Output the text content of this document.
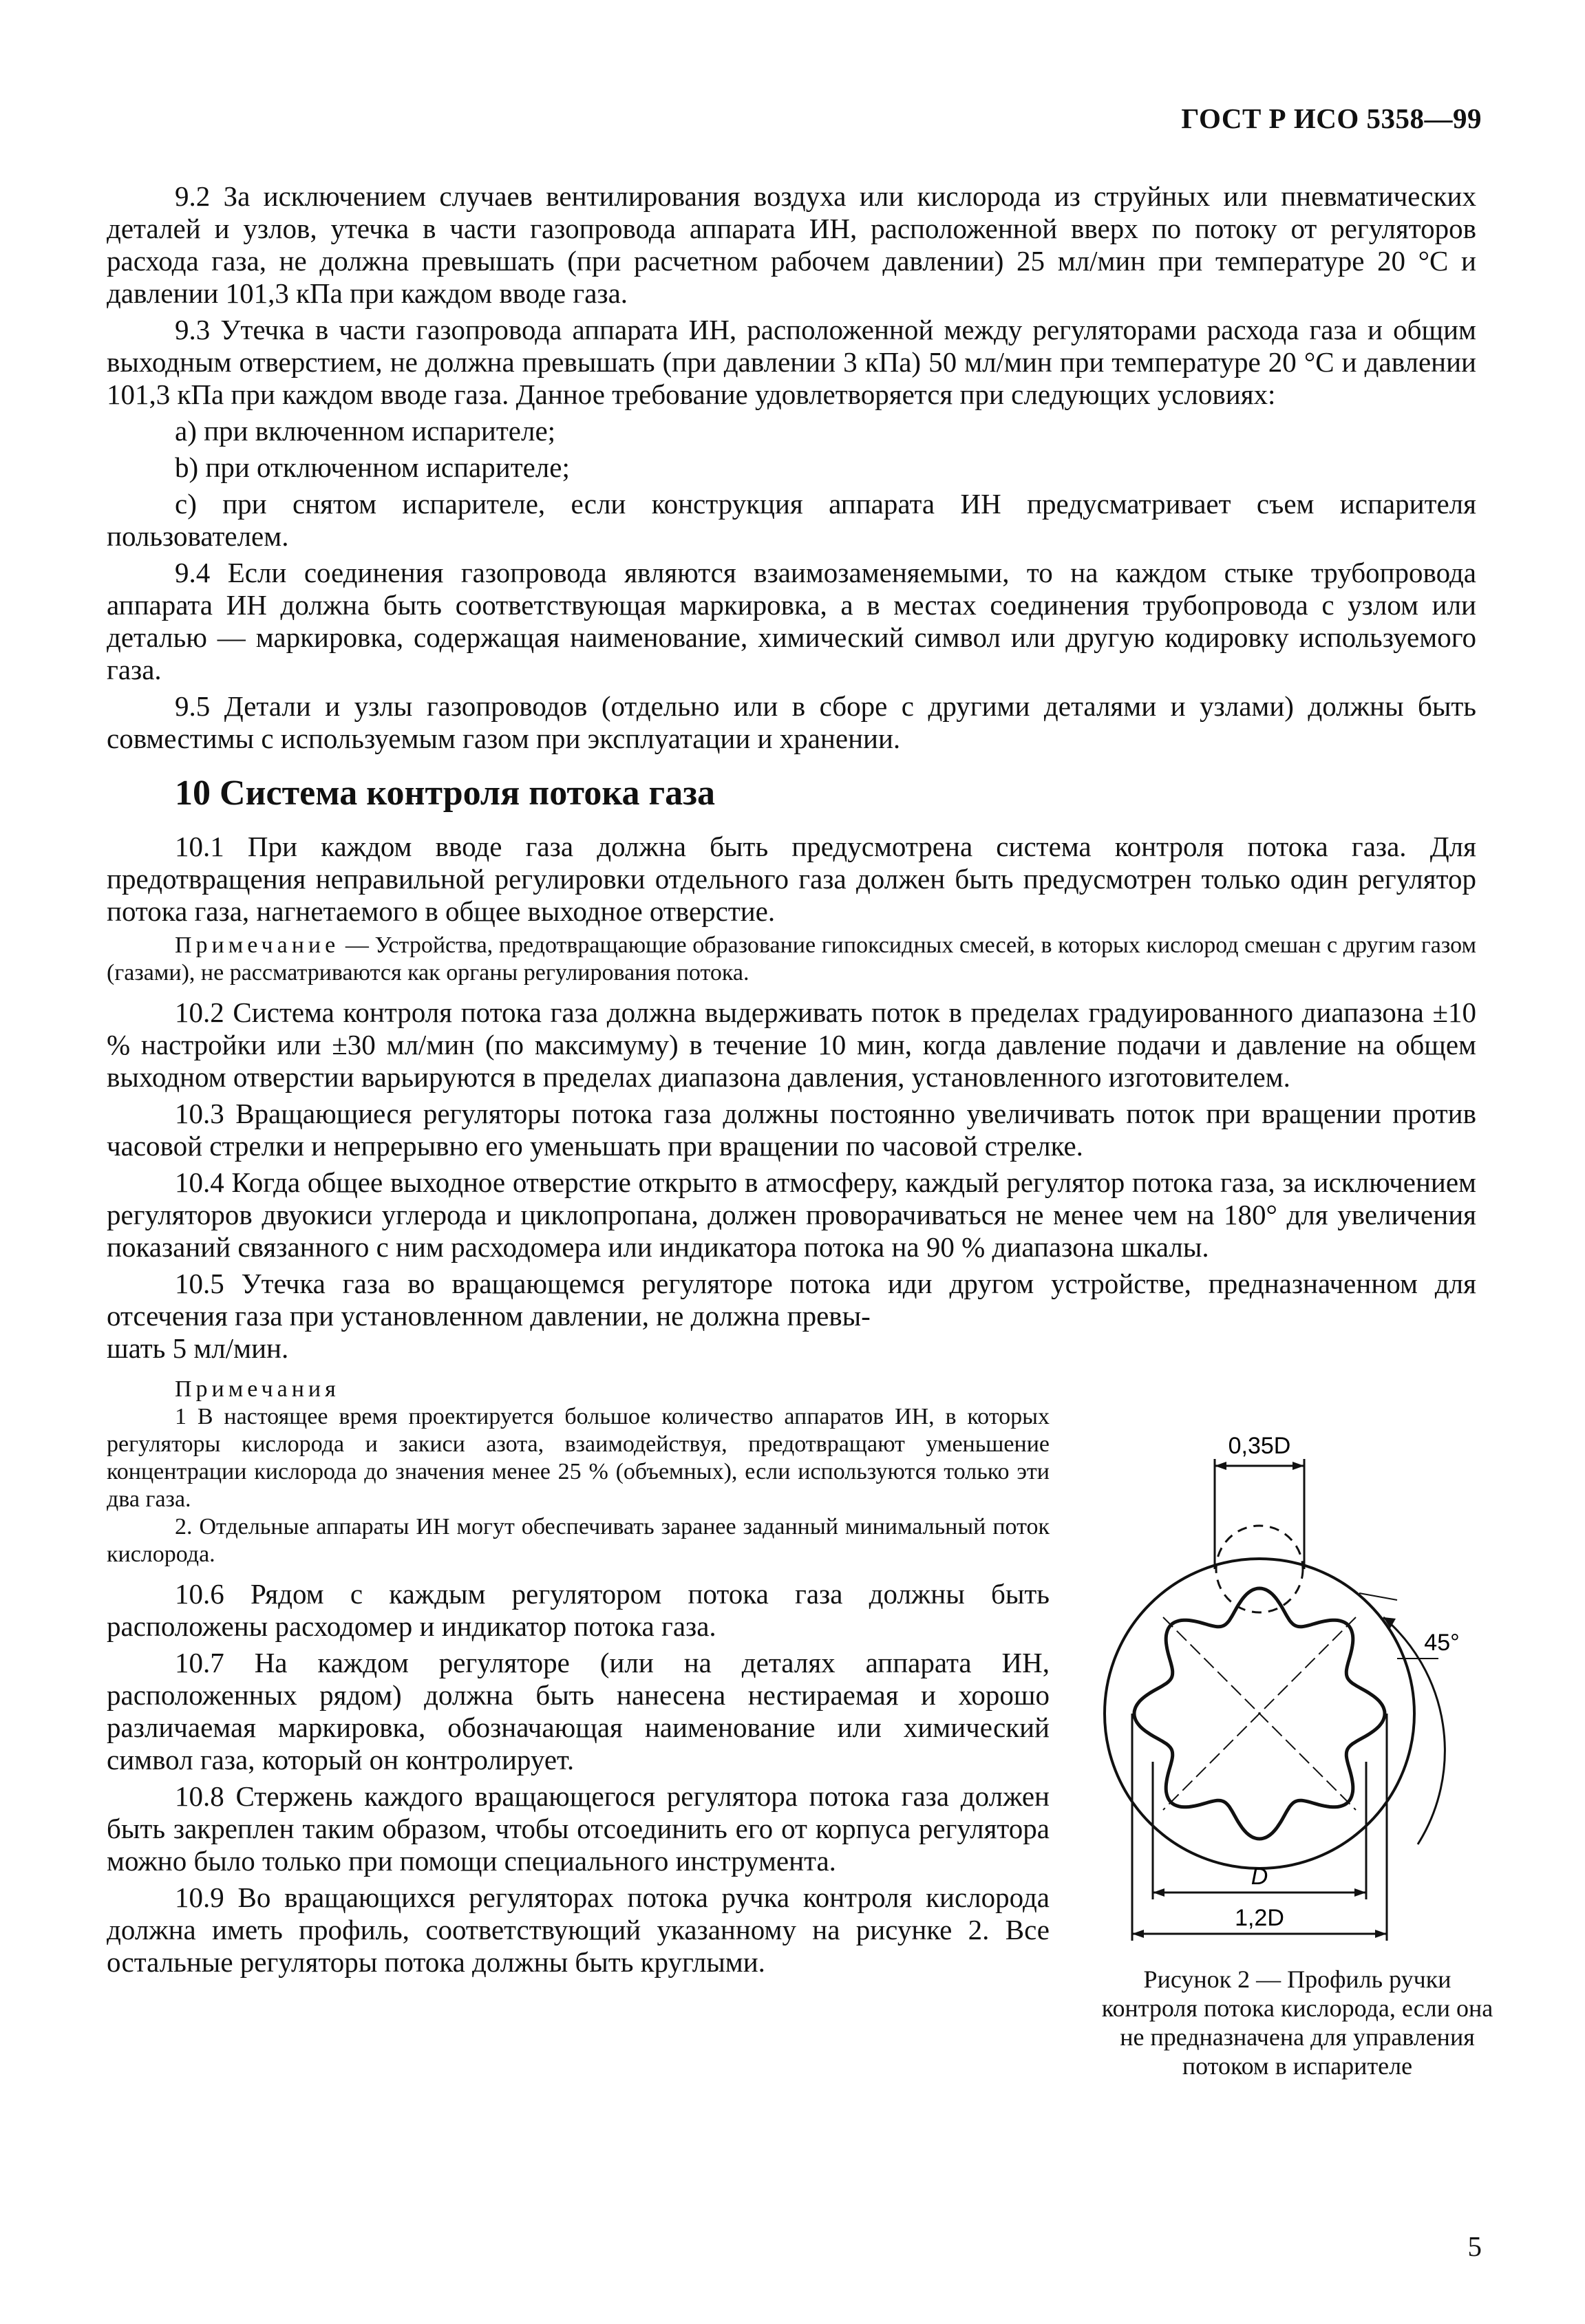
ГОСТ Р ИСО 5358—99

9.2 За исключением случаев вентилирования воздуха или кислорода из струйных или пневматических деталей и узлов, утечка в части газопровода аппарата ИН, расположенной вверх по потоку от регуляторов расхода газа, не должна превышать (при расчетном рабочем давлении) 25 мл/мин при температуре 20 °С и давлении 101,3 кПа при каждом вводе газа.

9.3 Утечка в части газопровода аппарата ИН, расположенной между регуляторами расхода газа и общим выходным отверстием, не должна превышать (при давлении 3 кПа) 50 мл/мин при температуре 20 °С и давлении 101,3 кПа при каждом вводе газа. Данное требование удовлетворяется при следующих условиях:

а) при включенном испарителе;

b) при отключенном испарителе;

с) при снятом испарителе, если конструкция аппарата ИН предусматривает съем испарителя пользователем.

9.4 Если соединения газопровода являются взаимозаменяемыми, то на каждом стыке трубопровода аппарата ИН должна быть соответствующая маркировка, а в местах соединения трубопровода с узлом или деталью — маркировка, содержащая наименование, химический символ или другую кодировку используемого газа.

9.5 Детали и узлы газопроводов (отдельно или в сборе с другими деталями и узлами) должны быть совместимы с используемым газом при эксплуатации и хранении.

10 Система контроля потока газа

10.1 При каждом вводе газа должна быть предусмотрена система контроля потока газа. Для предотвращения неправильной регулировки отдельного газа должен быть предусмотрен только один регулятор потока газа, нагнетаемого в общее выходное отверстие.

Примечание — Устройства, предотвращающие образование гипоксидных смесей, в которых кислород смешан с другим газом (газами), не рассматриваются как органы регулирования потока.

10.2 Система контроля потока газа должна выдерживать поток в пределах градуированного диапазона ±10 % настройки или ±30 мл/мин (по максимуму) в течение 10 мин, когда давление подачи и давление на общем выходном отверстии варьируются в пределах диапазона давления, установленного изготовителем.

10.3 Вращающиеся регуляторы потока газа должны постоянно увеличивать поток при вращении против часовой стрелки и непрерывно его уменьшать при вращении по часовой стрелке.

10.4 Когда общее выходное отверстие открыто в атмосферу, каждый регулятор потока газа, за исключением регуляторов двуокиси углерода и циклопропана, должен проворачиваться не менее чем на 180° для увеличения показаний связанного с ним расходомера или индикатора потока на 90 % диапазона шкалы.

10.5 Утечка газа во вращающемся регуляторе потока иди другом устройстве, предназначенном для отсечения газа при установленном давлении, не должна превы-

шать 5 мл/мин.

Примечания
1 В настоящее время проектируется большое количество аппаратов ИН, в которых регуляторы кислорода и закиси азота, взаимодействуя, предотвращают уменьшение концентрации кислорода до значения менее 25 % (объемных), если используются только эти два газа.
2. Отдельные аппараты ИН могут обеспечивать заранее заданный минимальный поток кислорода.

10.6 Рядом с каждым регулятором потока газа должны быть расположены расходомер и индикатор потока газа.

10.7 На каждом регуляторе (или на деталях аппарата ИН, расположенных рядом) должна быть нанесена нестираемая и хорошо различаемая маркировка, обозначающая наименование или химический символ газа, который он контролирует.

10.8 Стержень каждого вращающегося регулятора потока газа должен быть закреплен таким образом, чтобы отсоединить его от корпуса регулятора можно было только при помощи специального инструмента.

10.9 Во вращающихся регуляторах потока ручка контроля кислорода должна иметь профиль, соответствующий указанному на рисунке 2. Все остальные регуляторы потока должны быть круглыми.

0,35D
45°
D
1,2D
Рисунок 2 — Профиль ручки контроля потока кислорода, если она не предназначена для управления потоком в испарителе
5
